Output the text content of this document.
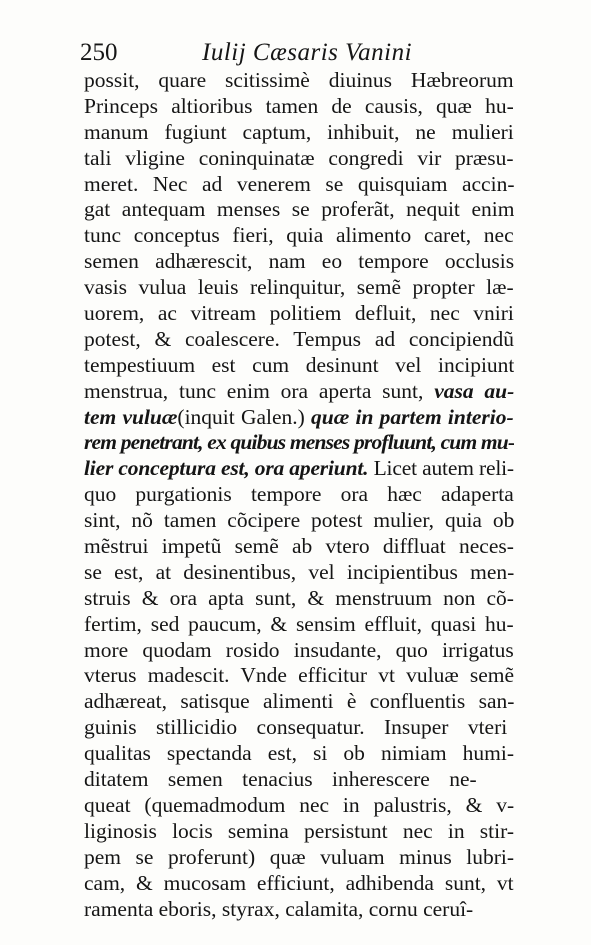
250	Iulij Cæsaris Vanini
possit, quare scitissimè diuinus Hæbreorum
Princeps altioribus tamen de causis, quæ hu-
manum fugiunt captum, inhibuit, ne mulieri
tali vligine coninquinatæ congredi vir præsu-
meret. Nec ad venerem se quisquiam accin-
gat antequam menses se proferãt, nequit enim
tunc conceptus fieri, quia alimento caret, nec
semen adhærescit, nam eo tempore occlusis
vasis vulua leuis relinquitur, semẽ propter læ-
uorem, ac vitream politiem defluit, nec vniri
potest, & coalescere. Tempus ad concipiendũ
tempestiuum est cum desinunt vel incipiunt
menstrua, tunc enim ora aperta sunt, vasa au-
tem vuluæ(inquit Galen.) quæ in partem interio-
rem penetrant, ex quibus menses profluunt, cum mu-
lier conceptura est, ora aperiunt. Licet autem reli-
quo purgationis tempore ora hæc adaperta
sint, nõ tamen cõcipere potest mulier, quia ob
mẽstrui impetũ semẽ ab vtero diffluat neces-
se est, at desinentibus, vel incipientibus men-
struis & ora apta sunt, & menstruum non cõ-
fertim, sed paucum, & sensim effluit, quasi hu-
more quodam rosido insudante, quo irrigatus
vterus madescit. Vnde efficitur vt vuluæ semẽ
adhæreat, satisque alimenti è confluentis san-
guinis stillicidio consequatur. Insuper vteri
qualitas spectanda est, si ob nimiam humi-
ditatem semen tenacius inherescere ne-
queat (quemadmodum nec in palustris, & v-
liginosis locis semina persistunt nec in stir-
pem se proferunt) quæ vuluam minus lubri-
cam, & mucosam efficiunt, adhibenda sunt, vt
ramenta eboris, styrax, calamita, cornu ceruî-
